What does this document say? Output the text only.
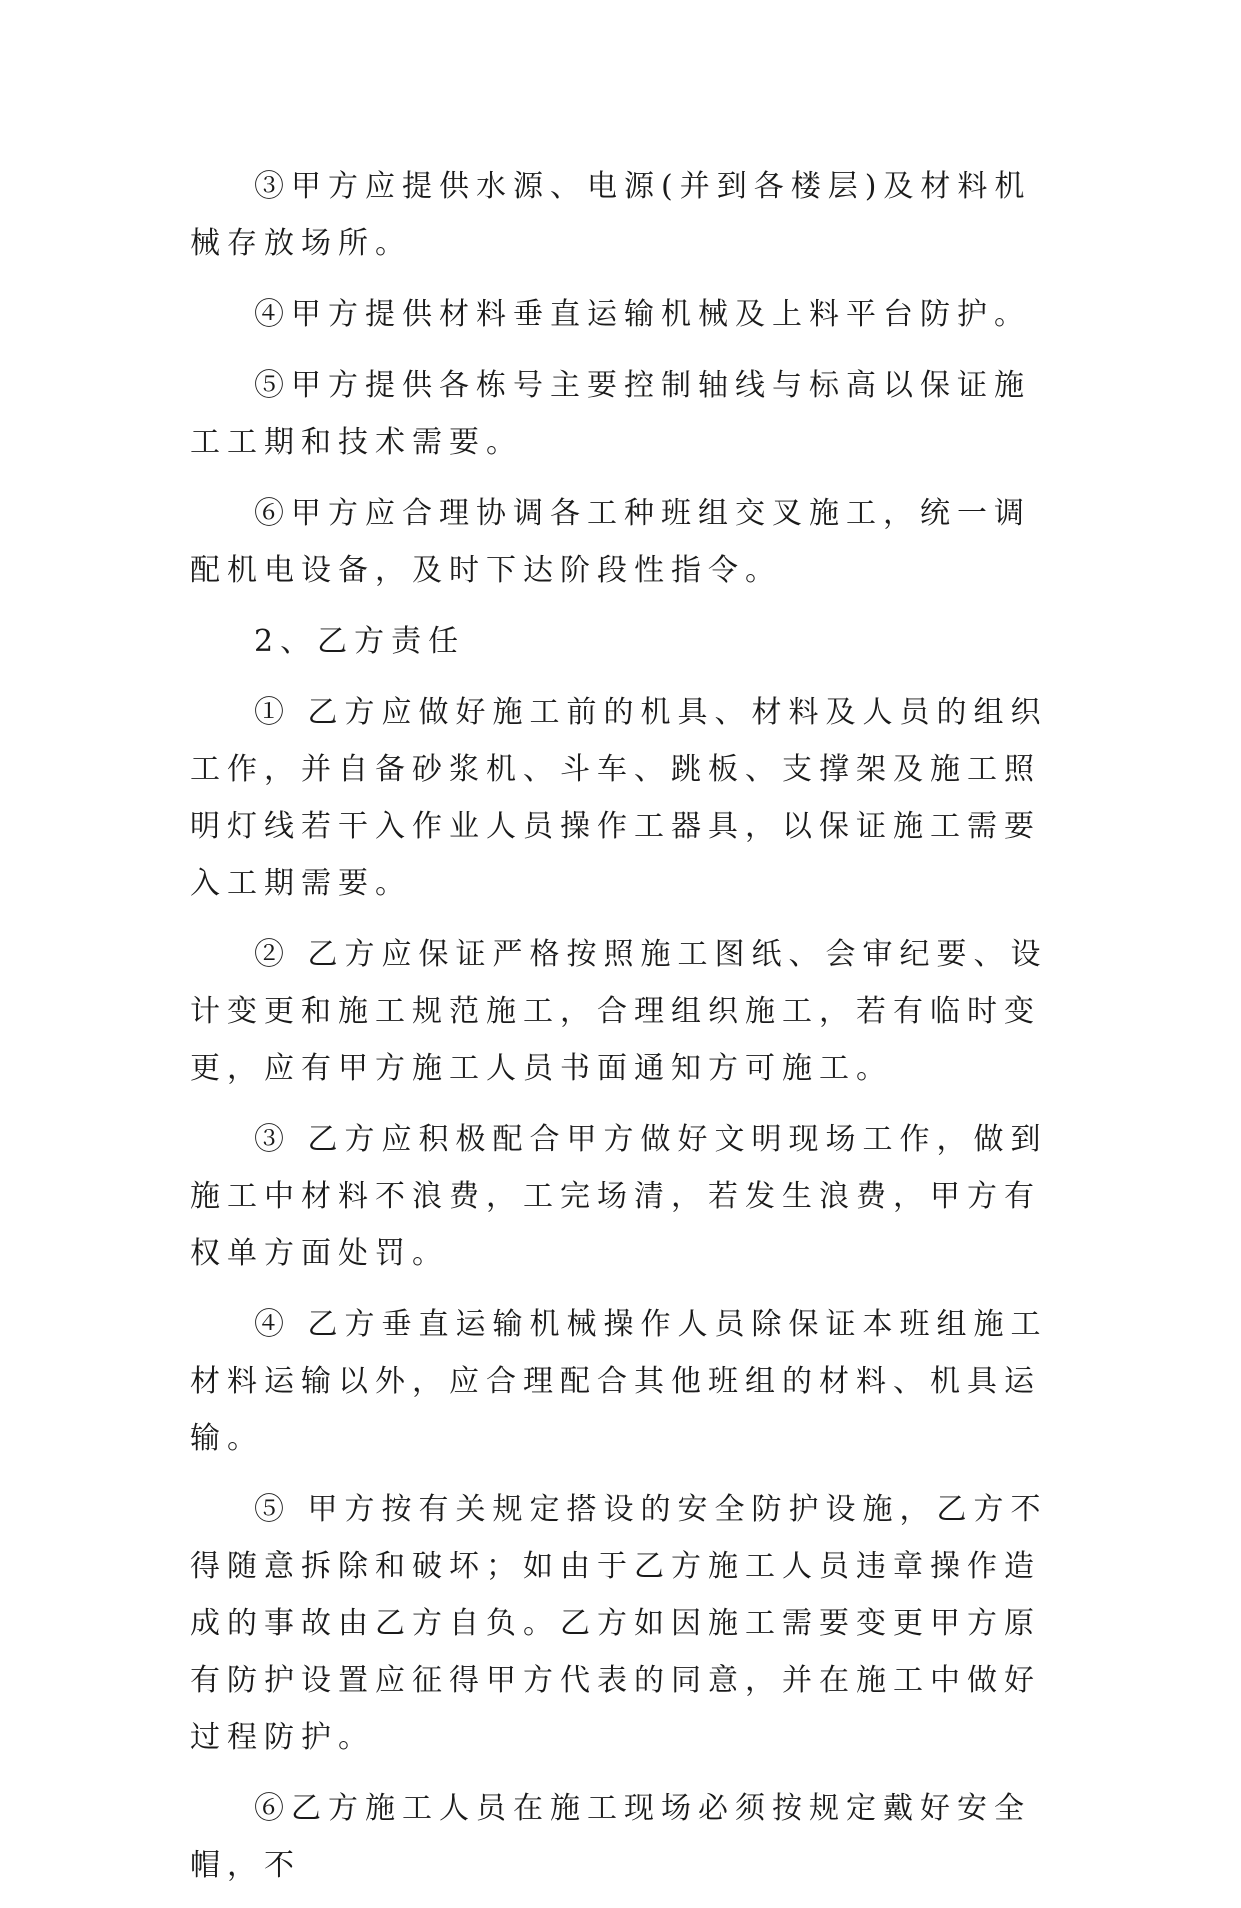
③甲方应提供水源、电源(并到各楼层)及材料机械存放场所。

④甲方提供材料垂直运输机械及上料平台防护。

⑤甲方提供各栋号主要控制轴线与标高以保证施工工期和技术需要。

⑥甲方应合理协调各工种班组交叉施工，统一调配机电设备，及时下达阶段性指令。

2、乙方责任

① 乙方应做好施工前的机具、材料及人员的组织工作，并自备砂浆机、斗车、跳板、支撑架及施工照明灯线若干入作业人员操作工器具，以保证施工需要入工期需要。

② 乙方应保证严格按照施工图纸、会审纪要、设计变更和施工规范施工，合理组织施工，若有临时变更，应有甲方施工人员书面通知方可施工。

③ 乙方应积极配合甲方做好文明现场工作，做到施工中材料不浪费，工完场清，若发生浪费，甲方有权单方面处罚。

④ 乙方垂直运输机械操作人员除保证本班组施工材料运输以外，应合理配合其他班组的材料、机具运输。

⑤ 甲方按有关规定搭设的安全防护设施，乙方不得随意拆除和破坏；如由于乙方施工人员违章操作造成的事故由乙方自负。乙方如因施工需要变更甲方原有防护设置应征得甲方代表的同意，并在施工中做好过程防护。

⑥乙方施工人员在施工现场必须按规定戴好安全帽，不
